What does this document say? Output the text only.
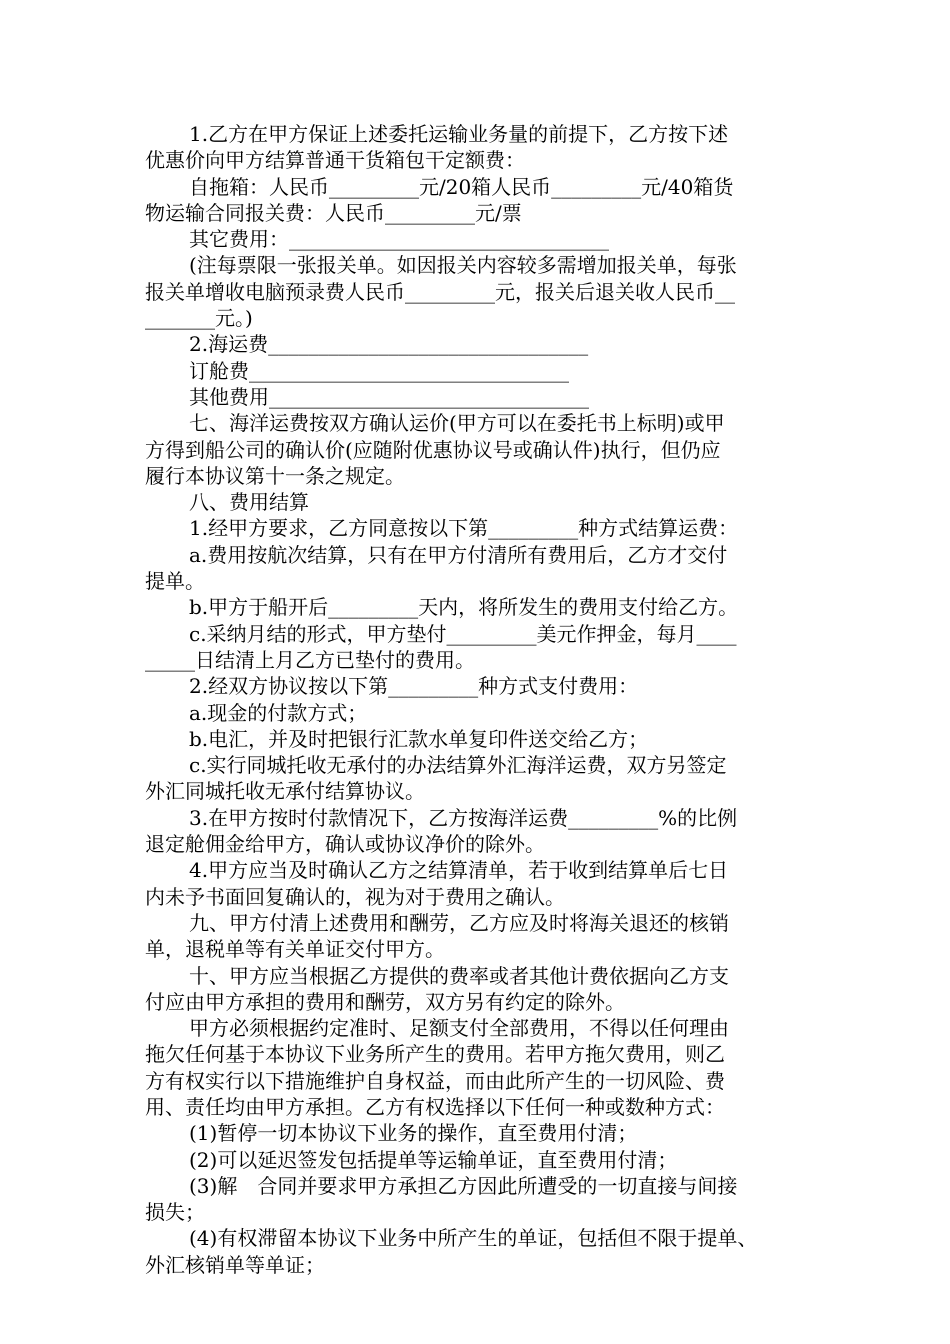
1.乙方在甲方保证上述委托运输业务量的前提下，乙方按下述

优惠价向甲方结算普通干货箱包干定额费：

自拖箱：人民币_________元/20箱人民币_________元/40箱货

物运输合同报关费：人民币_________元/票

其它费用：________________________________

(注每票限一张报关单。如因报关内容较多需增加报关单，每张

报关单增收电脑预录费人民币_________元，报关后退关收人民币__

_______元。)

2.海运费________________________________

订舱费________________________________

其他费用________________________________

七、海洋运费按双方确认运价(甲方可以在委托书上标明)或甲

方得到船公司的确认价(应随附优惠协议号或确认件)执行，但仍应

履行本协议第十一条之规定。

八、费用结算

1.经甲方要求，乙方同意按以下第_________种方式结算运费：

a.费用按航次结算，只有在甲方付清所有费用后，乙方才交付

提单。

b.甲方于船开后_________天内，将所发生的费用支付给乙方。

c.采纳月结的形式，甲方垫付_________美元作押金，每月____

_____日结清上月乙方已垫付的费用。

2.经双方协议按以下第_________种方式支付费用：

a.现金的付款方式；

b.电汇，并及时把银行汇款水单复印件送交给乙方；

c.实行同城托收无承付的办法结算外汇海洋运费，双方另签定

外汇同城托收无承付结算协议。

3.在甲方按时付款情况下，乙方按海洋运费_________%的比例

退定舱佣金给甲方，确认或协议净价的除外。

4.甲方应当及时确认乙方之结算清单，若于收到结算单后七日

内未予书面回复确认的，视为对于费用之确认。

九、甲方付清上述费用和酬劳，乙方应及时将海关退还的核销

单，退税单等有关单证交付甲方。

十、甲方应当根据乙方提供的费率或者其他计费依据向乙方支

付应由甲方承担的费用和酬劳，双方另有约定的除外。

甲方必须根据约定准时、足额支付全部费用，不得以任何理由

拖欠任何基于本协议下业务所产生的费用。若甲方拖欠费用，则乙

方有权实行以下措施维护自身权益，而由此所产生的一切风险、费

用、责任均由甲方承担。乙方有权选择以下任何一种或数种方式：

(1)暂停一切本协议下业务的操作，直至费用付清；

(2)可以延迟签发包括提单等运输单证，直至费用付清；

(3)解　合同并要求甲方承担乙方因此所遭受的一切直接与间接

损失；

(4)有权滞留本协议下业务中所产生的单证，包括但不限于提单、

外汇核销单等单证；
